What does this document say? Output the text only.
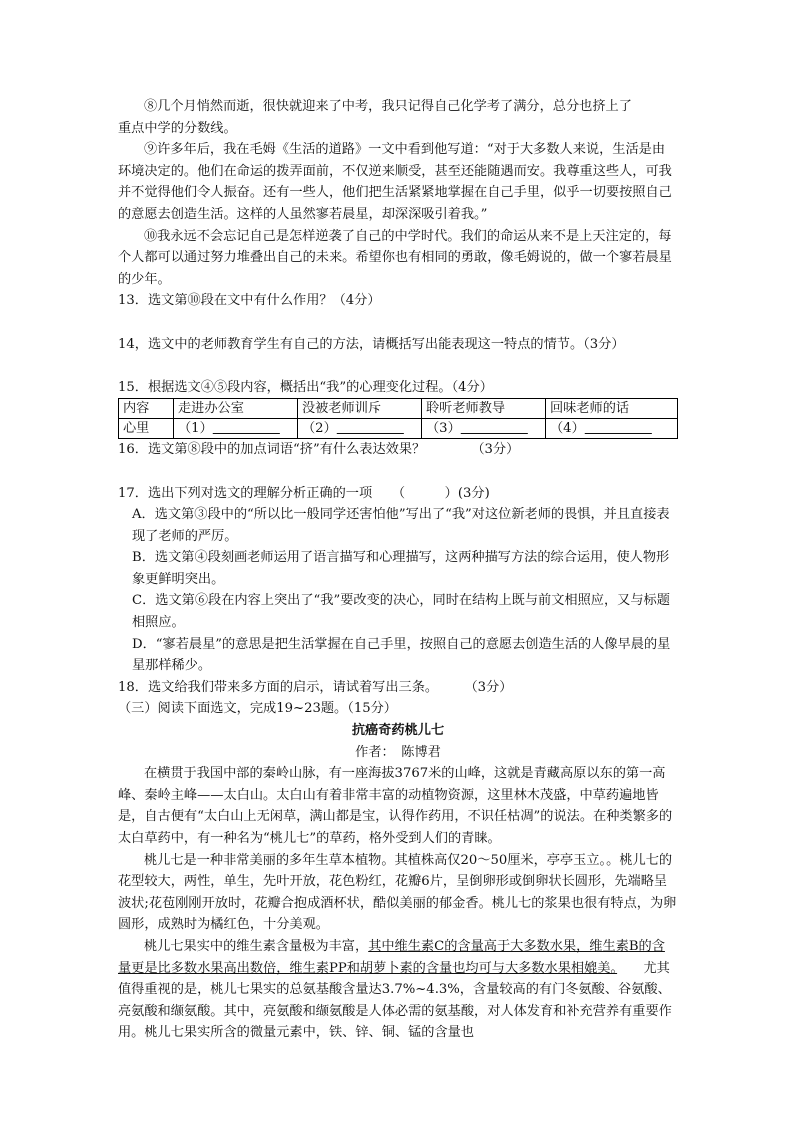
⑧几个月悄然而逝，很快就迎来了中考，我只记得自己化学考了满分，总分也挤上了
重点中学的分数线。

⑨许多年后，我在毛姆《生活的道路》一文中看到他写道：“对于大多数人来说，生活是由环境决定的。他们在命运的拨弄面前，不仅逆来顺受，甚至还能随遇而安。我尊重这些人，可我并不觉得他们令人振奋。还有一些人，他们把生活紧紧地掌握在自己手里，似乎一切要按照自己的意愿去创造生活。这样的人虽然寥若晨星，却深深吸引着我。”

⑩我永远不会忘记自己是怎样逆袭了自己的中学时代。我们的命运从来不是上天注定的，每个人都可以通过努力堆叠出自己的未来。希望你也有相同的勇敢，像毛姆说的，做一个寥若晨星的少年。

13．选文第⑩段在文中有什么作用？（4分）

14，选文中的老师教育学生有自己的方法，请概括写出能表现这一特点的情节。（3分）

15．根据选文④⑤段内容，概括出“我”的心理变化过程。（4分）

内容	走进办公室	没被老师训斥	聆听老师教导	回味老师的话
心里	（1）	（2）	（3）	（4）

16．选文第⑧段中的加点词语“挤”有什么表达效果？　　　　（3分）

17．选出下列对选文的理解分析正确的一项　　（　　　）(3分)

A．选文第③段中的“所以比一般同学还害怕他”写出了“我”对这位新老师的畏惧，并且直接表现了老师的严厉。

B．选文第④段刻画老师运用了语言描写和心理描写，这两种描写方法的综合运用，使人物形象更鲜明突出。

C．选文第⑥段在内容上突出了“我”要改变的决心，同时在结构上既与前文相照应，又与标题相照应。

D．“寥若晨星”的意思是把生活掌握在自己手里，按照自己的意愿去创造生活的人像早晨的星星那样稀少。

18．选文给我们带来多方面的启示，请试着写出三条。　　　（3分）

（三）阅读下面选文，完成19~23题。（15分）

抗癌奇药桃儿七

作者：　陈博君

在横贯于我国中部的秦岭山脉，有一座海拔3767米的山峰，这就是青藏高原以东的第一高峰、秦岭主峰——太白山。太白山有着非常丰富的动植物资源，这里林木茂盛，中草药遍地皆是，自古便有“太白山上无闲草，满山都是宝，认得作药用，不识任枯凋”的说法。在种类繁多的太白草药中，有一种名为“桃儿七”的草药，格外受到人们的青睐。

桃儿七是一种非常美丽的多年生草本植物。其植株高仅20～50厘米，亭亭玉立。。桃儿七的花型较大，两性，单生，先叶开放，花色粉红，花瓣6片，呈倒卵形或倒卵状长圆形，先端略呈波状;花苞刚刚开放时，花瓣合抱成酒杯状，酷似美丽的郁金香。桃儿七的浆果也很有特点，为卵圆形，成熟时为橘红色，十分美观。

桃儿七果实中的维生素含量极为丰富，其中维生素C的含量高于大多数水果，维生素B的含量更是比多数水果高出数倍，维生素PP和胡萝卜素的含量也均可与大多数水果相媲美。　　尤其值得重视的是，桃儿七果实的总氨基酸含量达3.7%~4.3%，含量较高的有门冬氨酸、谷氨酸、亮氨酸和缬氨酸。其中，亮氨酸和缬氨酸是人体必需的氨基酸，对人体发育和补充营养有重要作用。桃儿七果实所含的微量元素中，铁、锌、铜、锰的含量也
